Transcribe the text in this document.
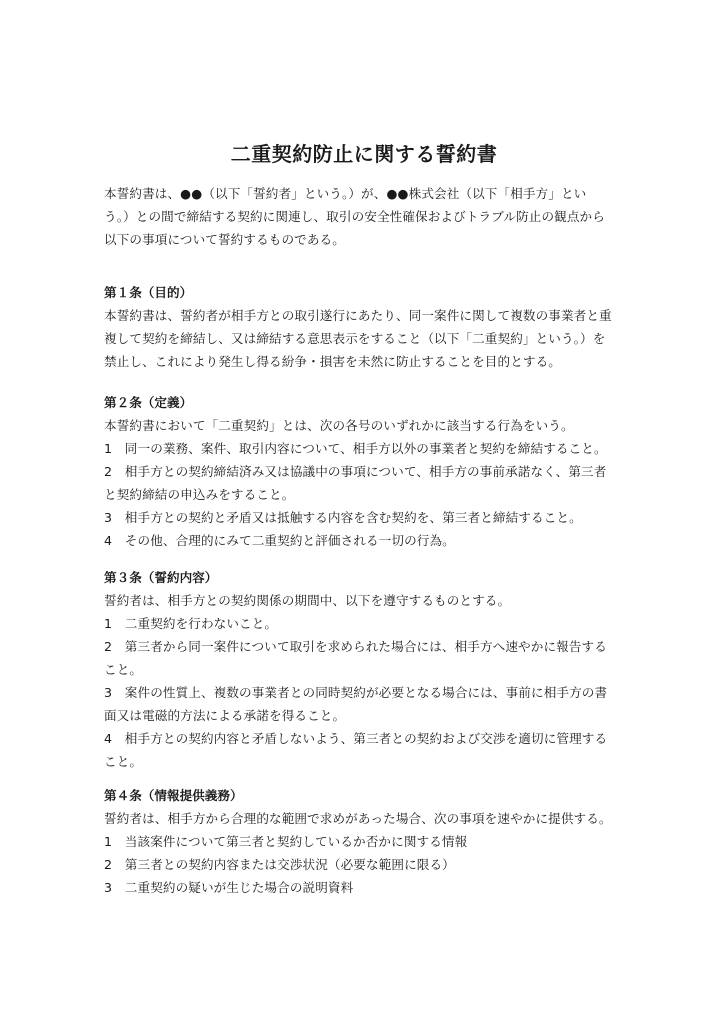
二重契約防止に関する誓約書

本誓約書は、●●（以下「誓約者」という。）が、●●株式会社（以下「相手方」とい
う。）との間で締結する契約に関連し、取引の安全性確保およびトラブル防止の観点から
以下の事項について誓約するものである。

第１条（目的）

本誓約書は、誓約者が相手方との取引遂行にあたり、同一案件に関して複数の事業者と重
複して契約を締結し、又は締結する意思表示をすること（以下「二重契約」という。）を
禁止し、これにより発生し得る紛争・損害を未然に防止することを目的とする。

第２条（定義）

本誓約書において「二重契約」とは、次の各号のいずれかに該当する行為をいう。
1　同一の業務、案件、取引内容について、相手方以外の事業者と契約を締結すること。
2　相手方との契約締結済み又は協議中の事項について、相手方の事前承諾なく、第三者
と契約締結の申込みをすること。
3　相手方との契約と矛盾又は抵触する内容を含む契約を、第三者と締結すること。
4　その他、合理的にみて二重契約と評価される一切の行為。

第３条（誓約内容）

誓約者は、相手方との契約関係の期間中、以下を遵守するものとする。
1　二重契約を行わないこと。
2　第三者から同一案件について取引を求められた場合には、相手方へ速やかに報告する
こと。
3　案件の性質上、複数の事業者との同時契約が必要となる場合には、事前に相手方の書
面又は電磁的方法による承諾を得ること。
4　相手方との契約内容と矛盾しないよう、第三者との契約および交渉を適切に管理する
こと。

第４条（情報提供義務）

誓約者は、相手方から合理的な範囲で求めがあった場合、次の事項を速やかに提供する。
1　当該案件について第三者と契約しているか否かに関する情報
2　第三者との契約内容または交渉状況（必要な範囲に限る）
3　二重契約の疑いが生じた場合の説明資料
